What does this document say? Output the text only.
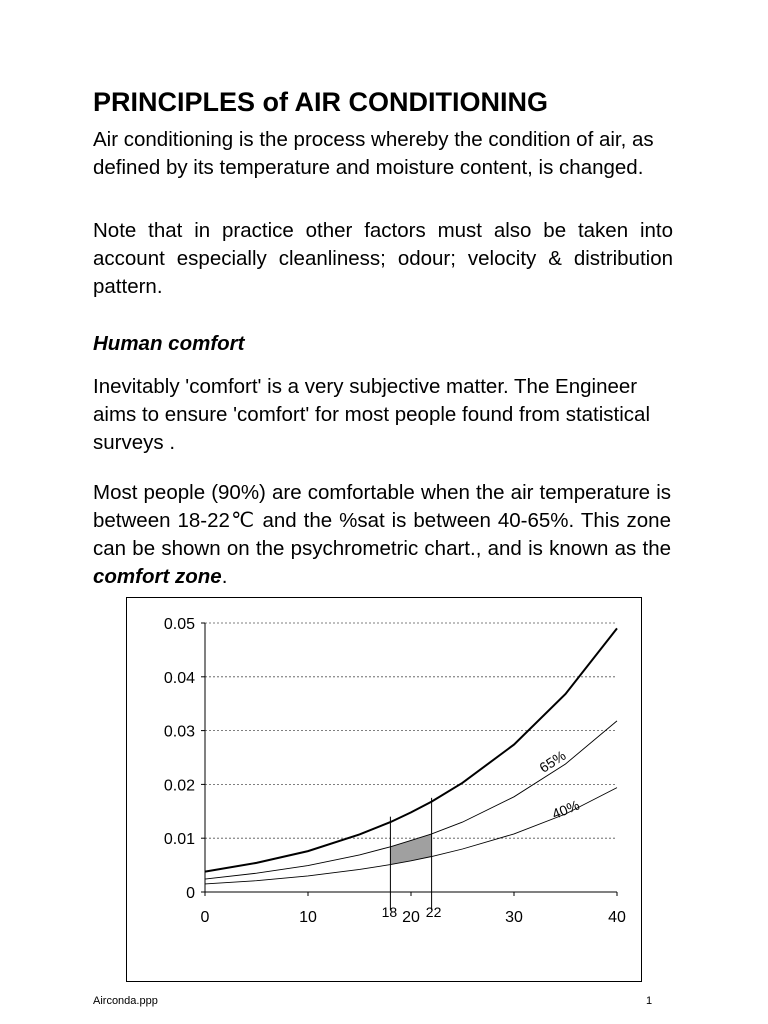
PRINCIPLES of AIR CONDITIONING

Air conditioning is the process whereby the condition of air, as defined by its temperature and moisture content, is changed.

Note that in practice other factors must also be taken into account especially cleanliness; odour; velocity & distribution pattern.

Human comfort

Inevitably 'comfort' is a very subjective matter. The Engineer aims to ensure 'comfort' for most people found from statistical surveys .

Most people (90%) are comfortable when the air temperature is between 18-22℃ and the %sat is between 40-65%. This zone can be shown on the psychrometric chart., and is known as the comfort zone.

0
0.01
0.02
0.03
0.04
0.05
0	10	20	30	40
18 22
65%
40%
Airconda.ppp	1
